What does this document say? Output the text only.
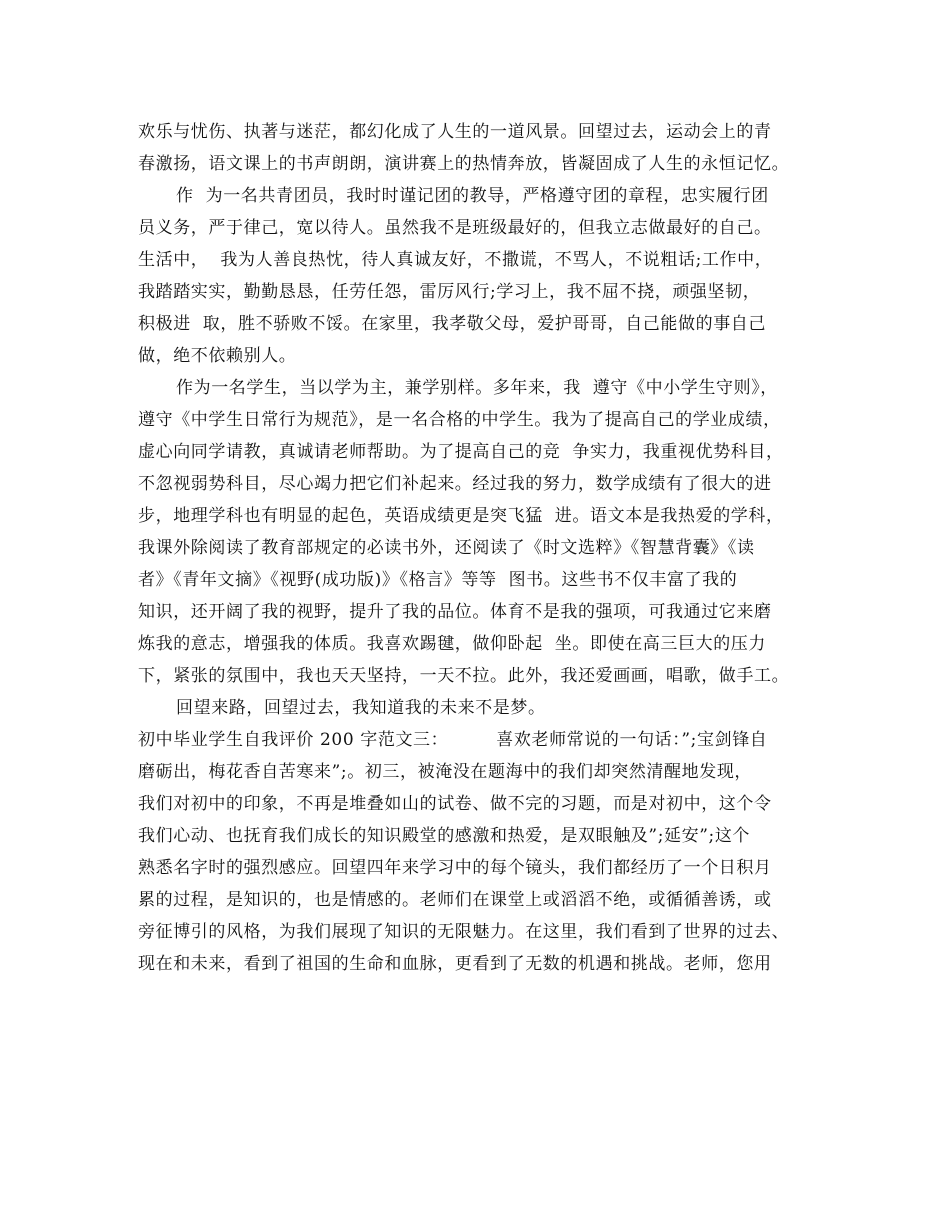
欢乐与忧伤、执著与迷茫，都幻化成了人生的一道风景。回望过去，运动会上的青
春激扬，语文课上的书声朗朗，演讲赛上的热情奔放，皆凝固成了人生的永恒记忆。
作  为一名共青团员，我时时谨记团的教导，严格遵守团的章程，忠实履行团
员义务，严于律己，宽以待人。虽然我不是班级最好的，但我立志做最好的自己。
生活中，  我为人善良热忱，待人真诚友好，不撒谎，不骂人，不说粗话;工作中，
我踏踏实实，勤勤恳恳，任劳任怨，雷厉风行;学习上，我不屈不挠，顽强坚韧，
积极进  取，胜不骄败不馁。在家里，我孝敬父母，爱护哥哥，自己能做的事自己
做，绝不依赖别人。
作为一名学生，当以学为主，兼学别样。多年来，我  遵守《中小学生守则》，
遵守《中学生日常行为规范》，是一名合格的中学生。我为了提高自己的学业成绩，
虚心向同学请教，真诚请老师帮助。为了提高自己的竞  争实力，我重视优势科目，
不忽视弱势科目，尽心竭力把它们补起来。经过我的努力，数学成绩有了很大的进
步，地理学科也有明显的起色，英语成绩更是突飞猛  进。语文本是我热爱的学科，
我课外除阅读了教育部规定的必读书外，还阅读了《时文选粹》《智慧背囊》《读
者》《青年文摘》《视野(成功版)》《格言》等等  图书。这些书不仅丰富了我的
知识，还开阔了我的视野，提升了我的品位。体育不是我的强项，可我通过它来磨
炼我的意志，增强我的体质。我喜欢踢毽，做仰卧起  坐。即使在高三巨大的压力
下，紧张的氛围中，我也天天坚持，一天不拉。此外，我还爱画画，唱歌，做手工。
回望来路，回望过去，我知道我的未来不是梦。
初中毕业学生自我评价 200 字范文三：        喜欢老师常说的一句话：”;宝剑锋自
磨砺出，梅花香自苦寒来”;。初三，被淹没在题海中的我们却突然清醒地发现，
我们对初中的印象，不再是堆叠如山的试卷、做不完的习题，而是对初中，这个令
我们心动、也抚育我们成长的知识殿堂的感激和热爱，是双眼触及”;延安”;这个
熟悉名字时的强烈感应。回望四年来学习中的每个镜头，我们都经历了一个日积月
累的过程，是知识的，也是情感的。老师们在课堂上或滔滔不绝，或循循善诱，或
旁征博引的风格，为我们展现了知识的无限魅力。在这里，我们看到了世界的过去、
现在和未来，看到了祖国的生命和血脉，更看到了无数的机遇和挑战。老师，您用
